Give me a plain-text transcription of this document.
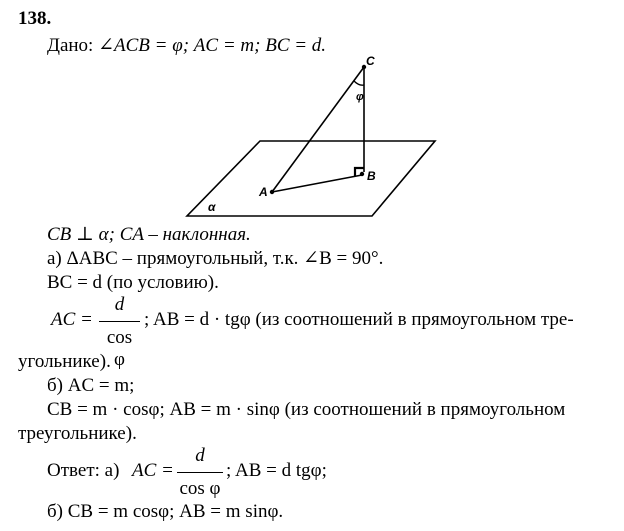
138.
Дано: ∠ACB = φ; AC = m; BC = d.
C
A
B
φ
α
CB ⊥ α; CA – наклонная.
а) ΔABC – прямоугольный, т.к. ∠B = 90°.
BC = d (по условию).
AC =
d
cos φ
; AB = d · tgφ (из соотношений в прямоугольном тре-
угольнике).
б) AC = m;
CB = m · cosφ; AB = m · sinφ (из соотношений в прямоугольном
треугольнике).
Ответ: а) AC =
d
cos φ
; AB = d tgφ;
б) CB = m cosφ; AB = m sinφ.
